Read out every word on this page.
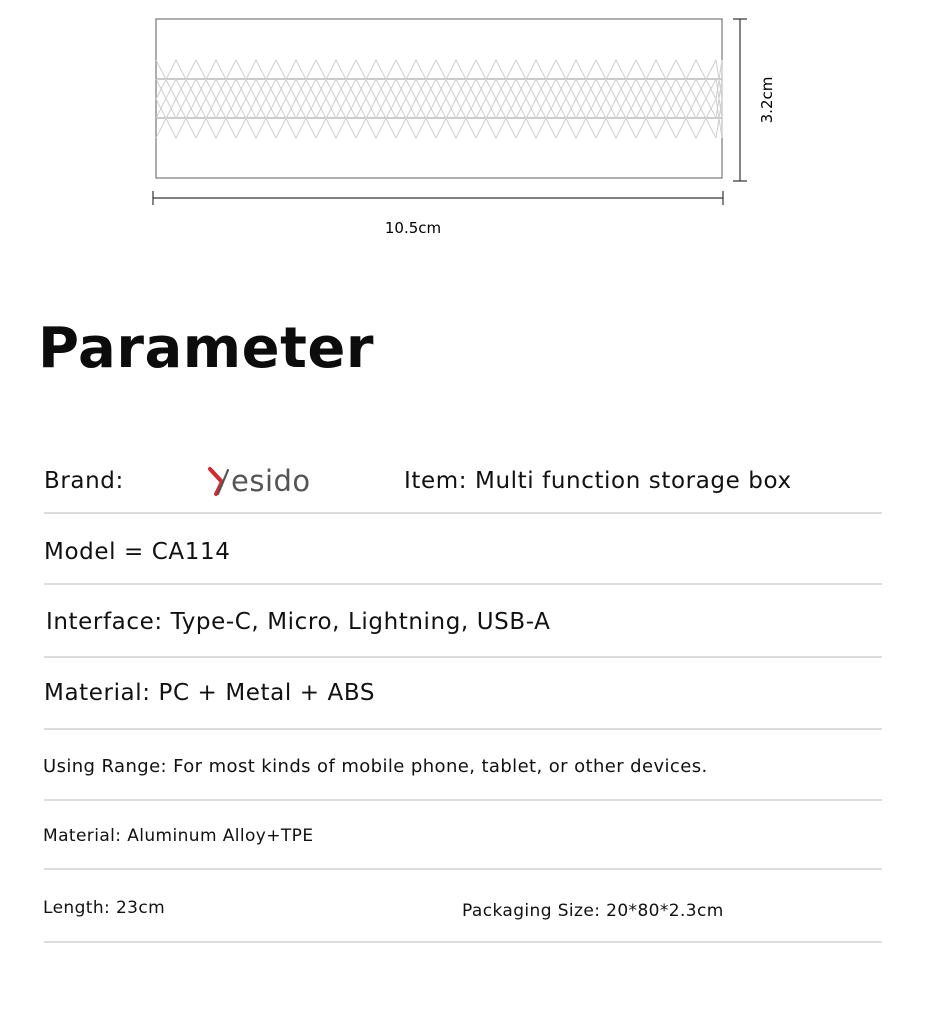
3.2cm
10.5cm
Parameter
Brand:	esido	Item: Multi function storage box
Model = CA114
Interface: Type-C, Micro, Lightning, USB-A
Material: PC + Metal + ABS
Using Range: For most kinds of mobile phone, tablet, or other devices.
Material: Aluminum Alloy+TPE
Length: 23cm	Packaging Size: 20*80*2.3cm
